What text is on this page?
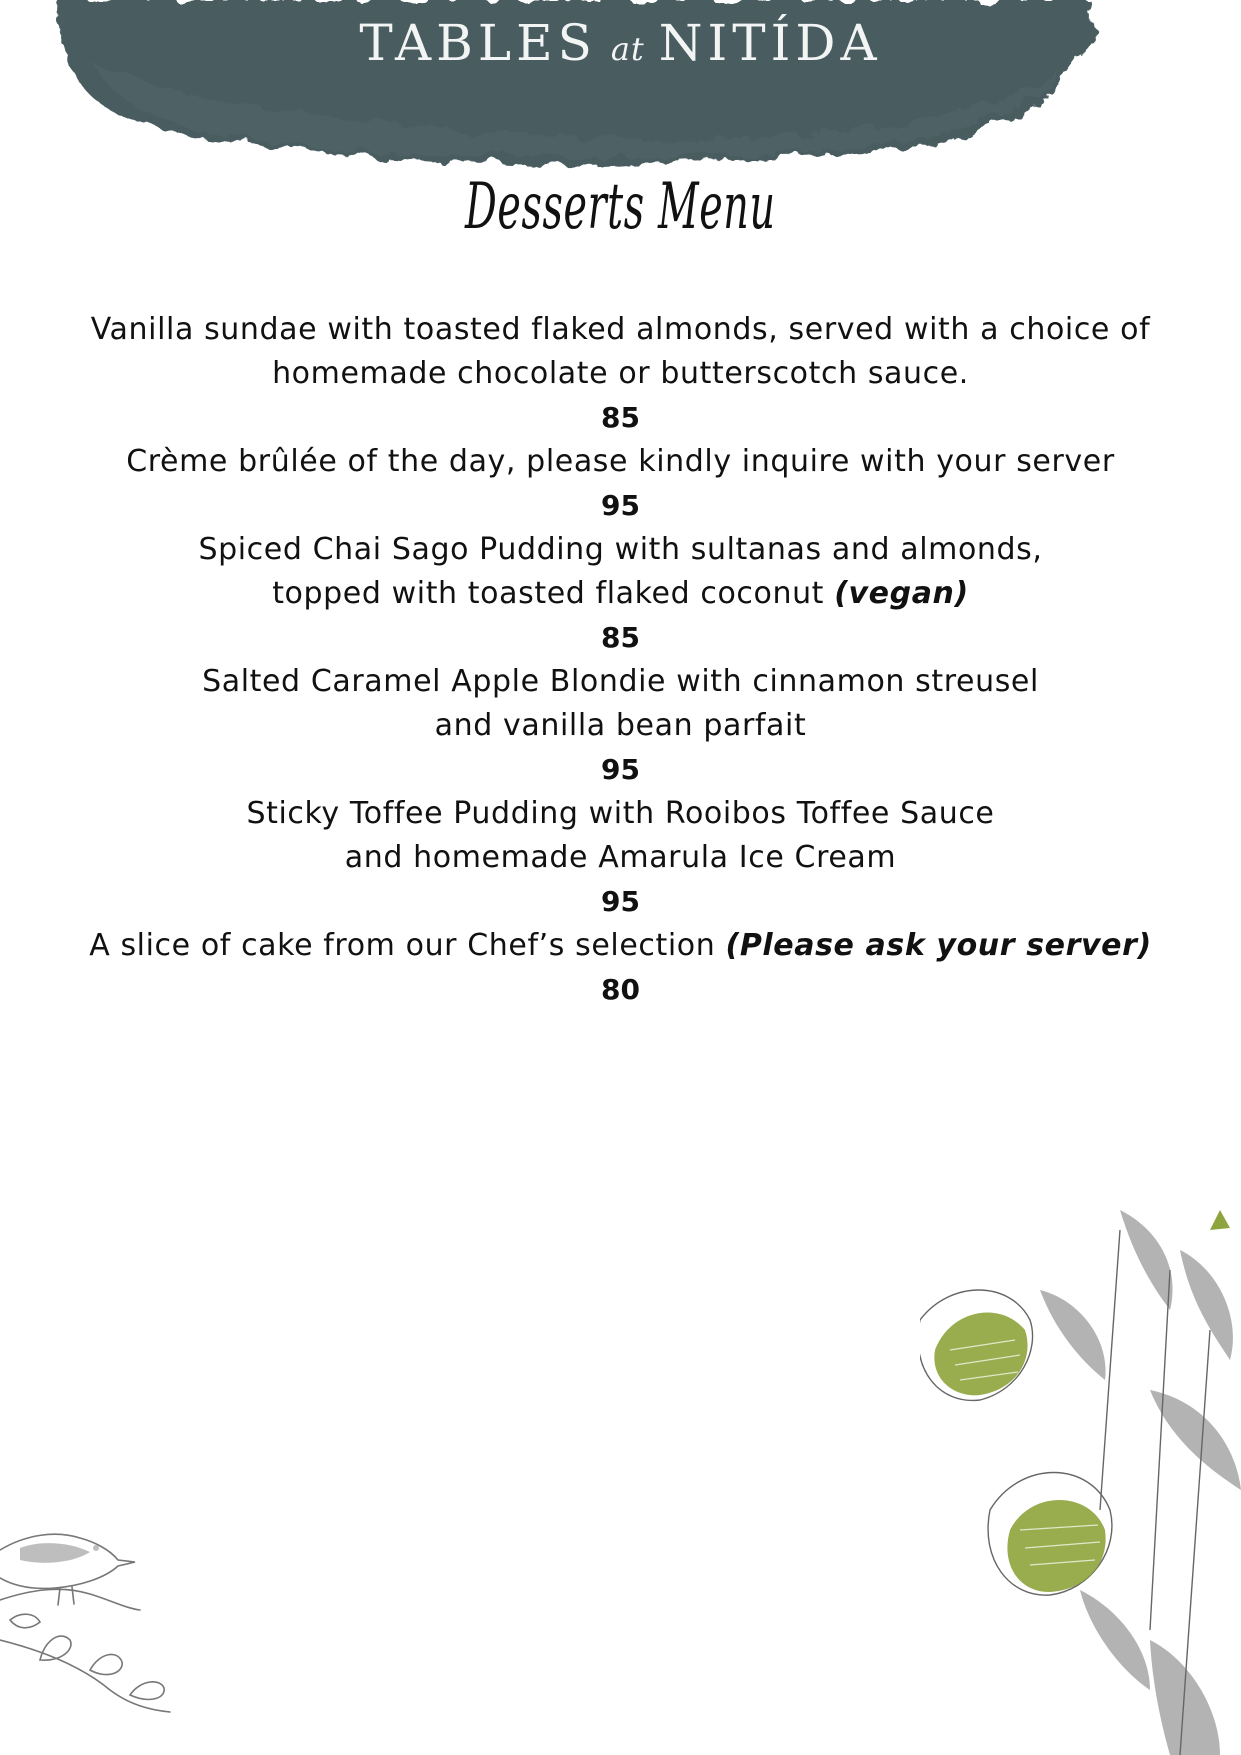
TABLES at NITÍDA
Desserts Menu

Vanilla sundae with toasted flaked almonds, served with a choice of

homemade chocolate or butterscotch sauce.

85

Crème brûlée of the day, please kindly inquire with your server

95

Spiced Chai Sago Pudding with sultanas and almonds,

topped with toasted flaked coconut (vegan)

85

Salted Caramel Apple Blondie with cinnamon streusel

and vanilla bean parfait

95

Sticky Toffee Pudding with Rooibos Toffee Sauce

and homemade Amarula Ice Cream

95

A slice of cake from our Chef’s selection (Please ask your server)

80
